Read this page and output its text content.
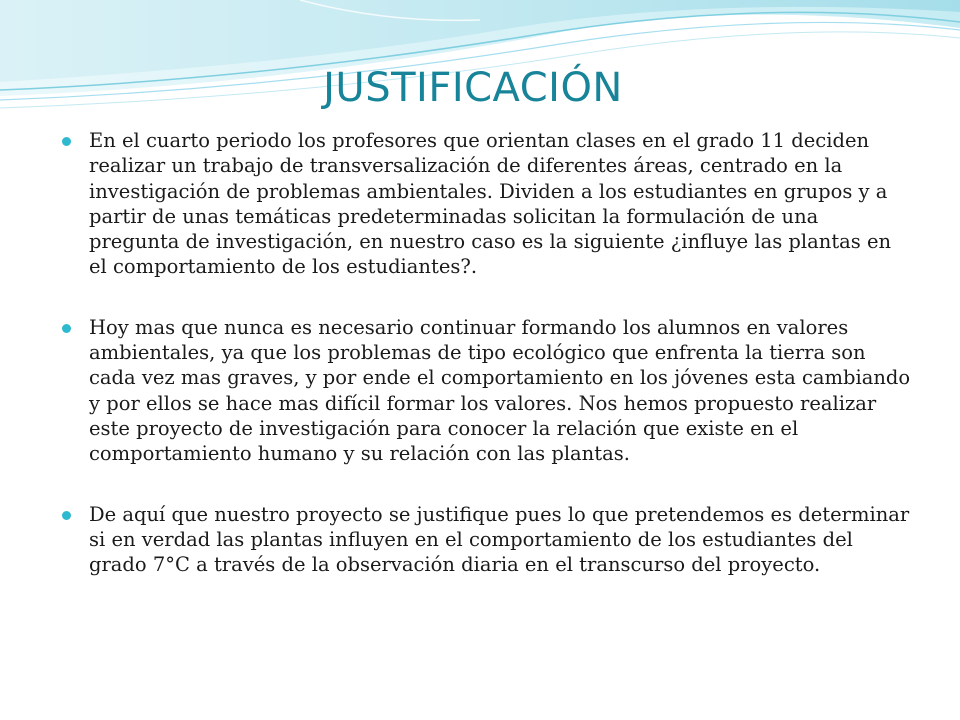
JUSTIFICACIÓN
En el cuarto periodo los profesores que orientan clases en el grado 11 deciden realizar un trabajo de transversalización de diferentes áreas, centrado en la investigación de problemas ambientales. Dividen a los estudiantes en grupos y a partir de unas temáticas predeterminadas solicitan la formulación de una pregunta de investigación, en nuestro caso es la siguiente ¿influye las plantas en el comportamiento de los estudiantes?.
Hoy mas que nunca es necesario continuar formando los alumnos en valores ambientales, ya que los problemas de tipo ecológico que enfrenta la tierra son cada vez mas graves, y por ende el comportamiento en los jóvenes esta cambiando y por ellos se hace mas difícil formar los valores. Nos hemos propuesto realizar este proyecto de investigación para conocer la relación que existe en el comportamiento humano y su relación con las plantas.
De aquí que nuestro proyecto se justifique pues lo que pretendemos es determinar si en verdad las plantas influyen en el comportamiento de los estudiantes del grado 7°C a través de la observación diaria en el transcurso del proyecto.
